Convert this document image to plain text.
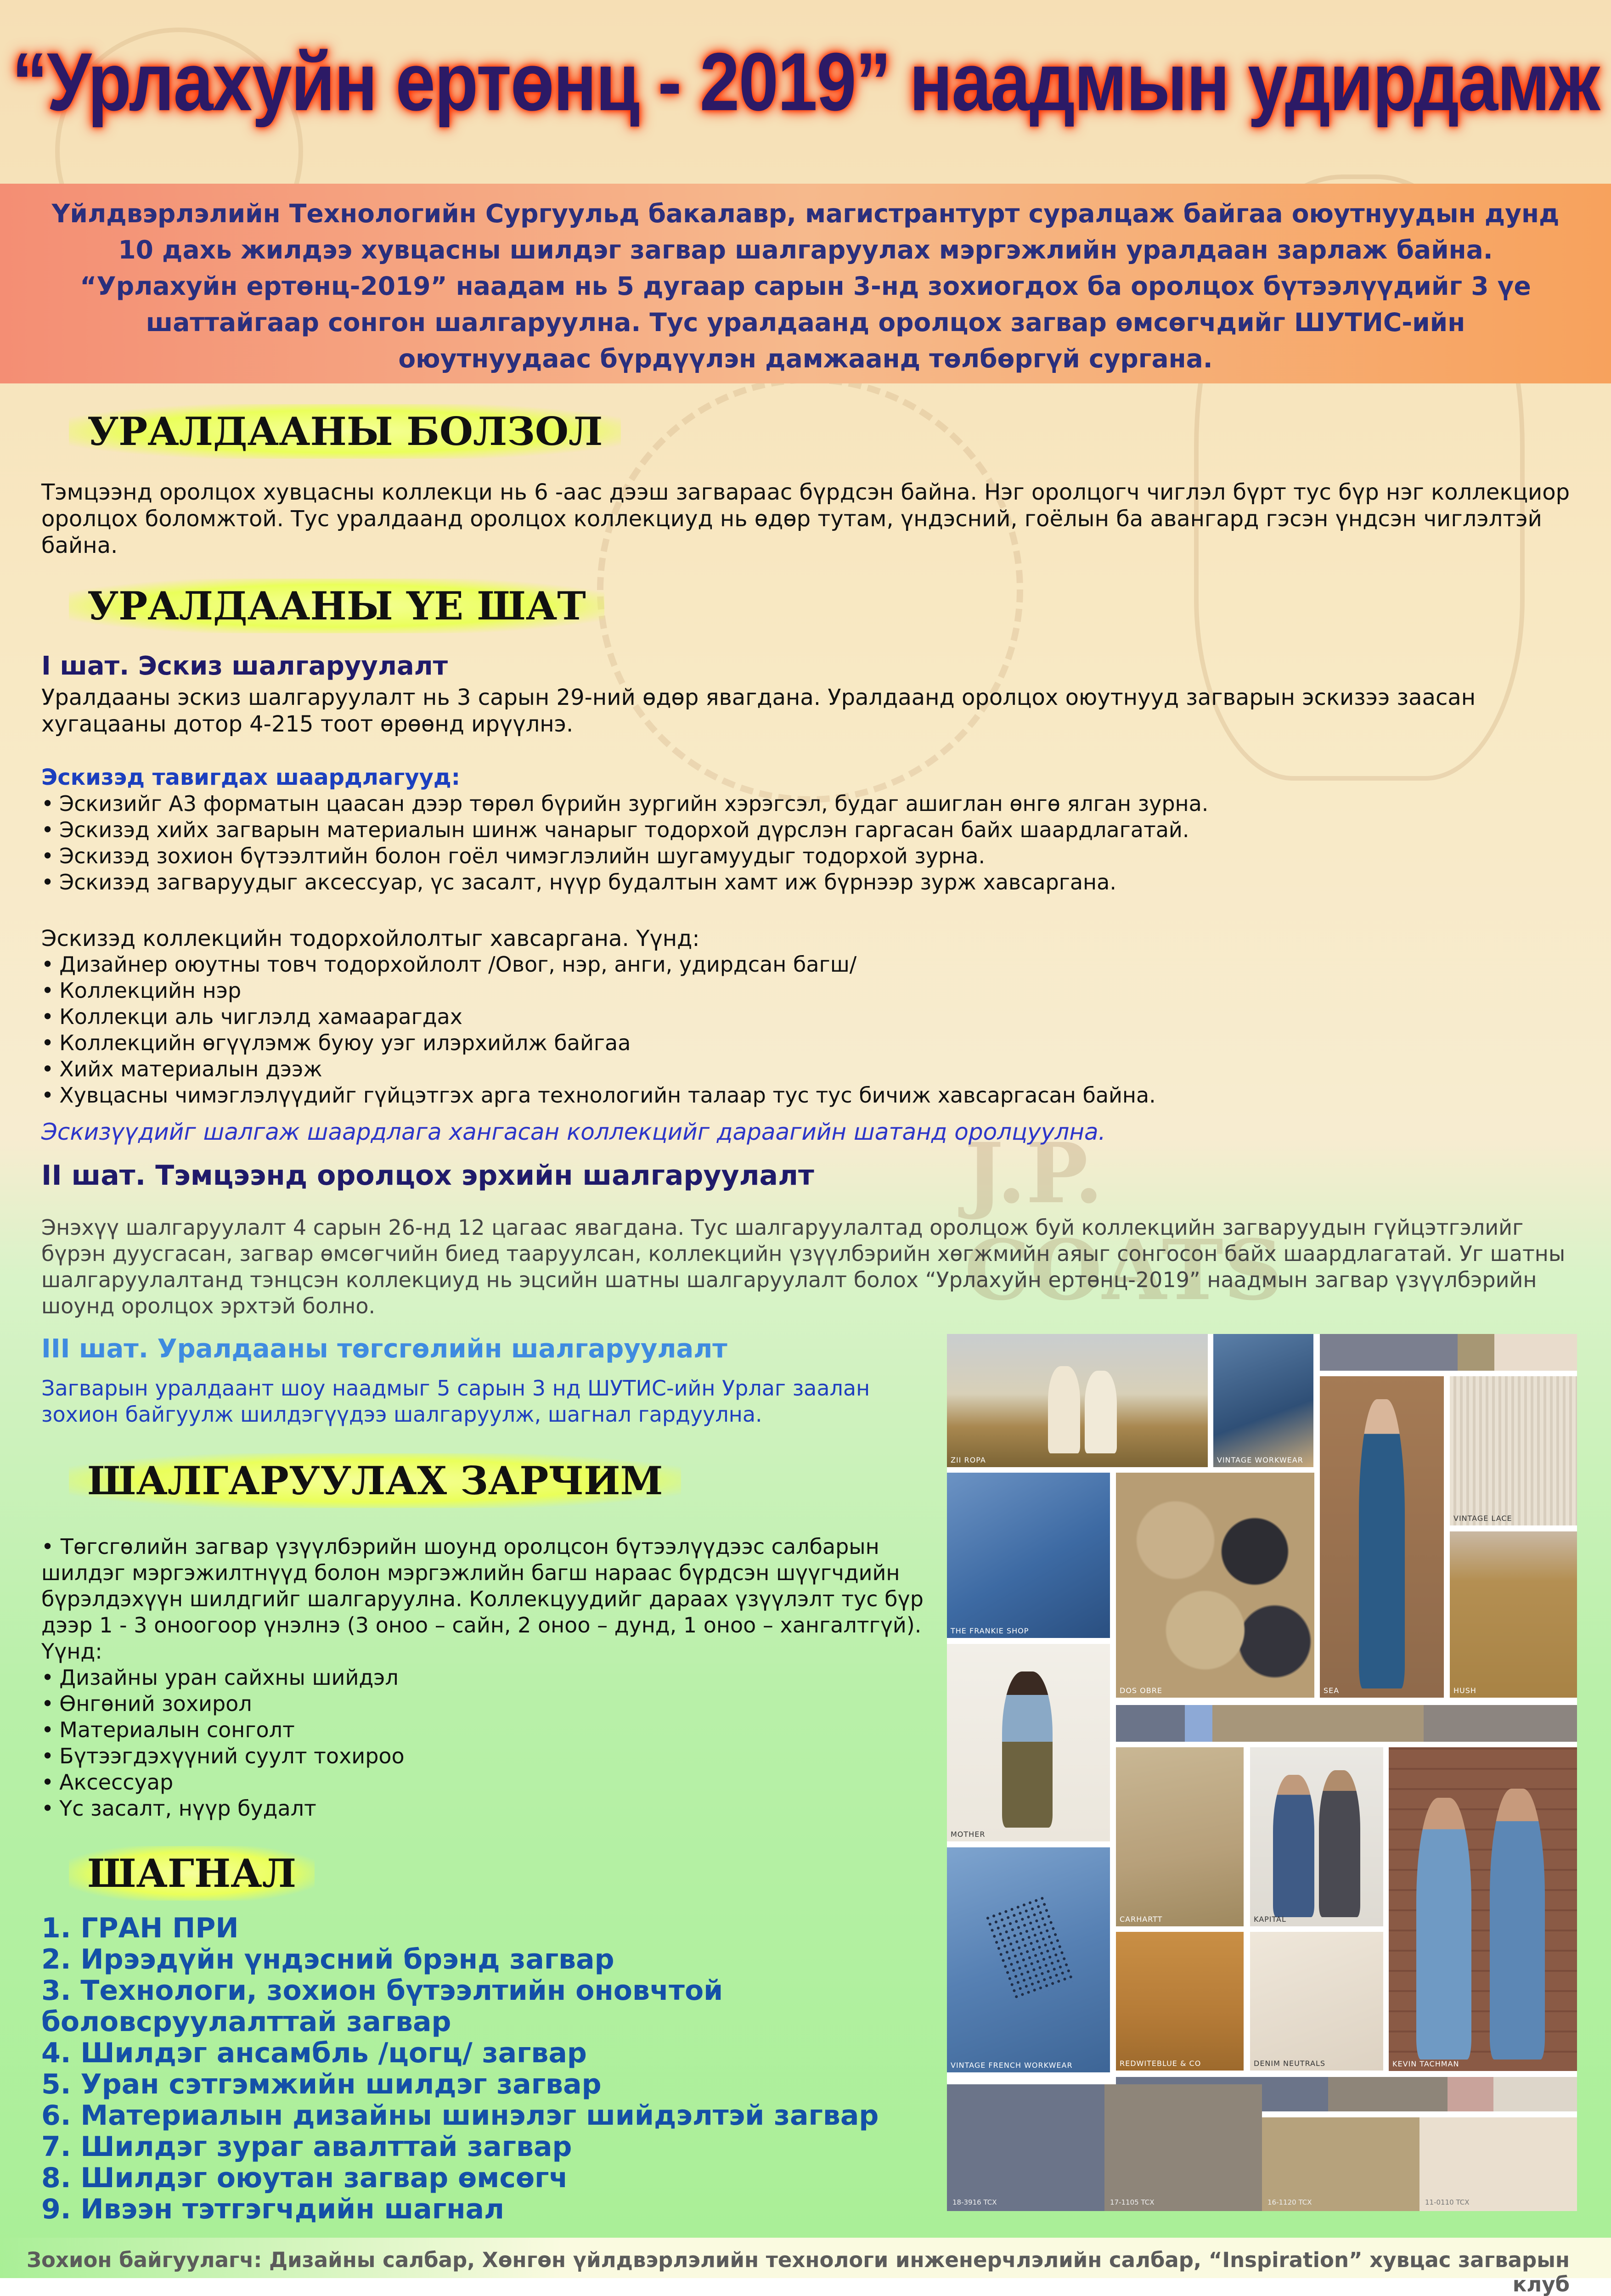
J.P. COATS
“Урлахуйн ертөнц - 2019” наадмын удирдамж

Үйлдвэрлэлийн Технологийн Сургуульд бакалавр, магистрантурт суралцаж байгаа оюутнуудын дунд 10 дахь жилдээ хувцасны шилдэг загвар шалгаруулах мэргэжлийн уралдаан зарлаж байна. “Урлахуйн ертөнц-2019” наадам нь 5 дугаар сарын 3-нд зохиогдох ба оролцох бүтээлүүдийг 3 үе шаттайгаар сонгон шалгаруулна. Тус уралдаанд оролцох загвар өмсөгчдийг ШУТИС-ийн оюутнуудаас бүрдүүлэн дамжаанд төлбөргүй сургана.

УРАЛДААНЫ БОЛЗОЛ
Тэмцээнд оролцох хувцасны коллекци нь 6 -аас дээш загвараас бүрдсэн байна. Нэг оролцогч чиглэл бүрт тус бүр нэг коллекциор оролцох боломжтой. Тус уралдаанд оролцох коллекциуд нь өдөр тутам, үндэсний, гоёлын ба авангард гэсэн үндсэн чиглэлтэй байна.
УРАЛДААНЫ ҮЕ ШАТ
I шат. Эскиз шалгаруулалт
Уралдааны эскиз шалгаруулалт нь 3 сарын 29-ний өдөр явагдана. Уралдаанд оролцох оюутнууд загварын эскизээ заасан хугацааны дотор 4-215 тоот өрөөнд ирүүлнэ.
Эскизэд тавигдах шаардлагууд:
• Эскизийг А3 форматын цаасан дээр төрөл бүрийн зургийн хэрэгсэл, будаг ашиглан өнгө ялган зурна.
• Эскизэд хийх загварын материалын шинж чанарыг тодорхой дүрслэн гаргасан байх шаардлагатай.
• Эскизэд зохион бүтээлтийн болон гоёл чимэглэлийн шугамуудыг тодорхой зурна.
• Эскизэд загваруудыг аксессуар, үс засалт, нүүр будалтын хамт иж бүрнээр зурж хавсаргана.
Эскизэд коллекцийн тодорхойлолтыг хавсаргана. Үүнд:
• Дизайнер оюутны товч тодорхойлолт /Овог, нэр, анги, удирдсан багш/
• Коллекцийн нэр
• Коллекци аль чиглэлд хамаарагдах
• Коллекцийн өгүүлэмж буюу уэг илэрхийлж байгаа
• Хийх материалын дээж
• Хувцасны чимэглэлүүдийг гүйцэтгэх арга технологийн талаар тус тус бичиж хавсаргасан байна.
Эскизүүдийг шалгаж шаардлага хангасан коллекцийг дараагийн шатанд оролцуулна.
II шат. Тэмцээнд оролцох эрхийн шалгаруулалт
Энэхүү шалгаруулалт 4 сарын 26-нд 12 цагаас явагдана. Тус шалгаруулалтад оролцож буй коллекцийн загваруудын гүйцэтгэлийг бүрэн дуусгасан, загвар өмсөгчийн биед тааруулсан, коллекцийн үзүүлбэрийн хөгжмийн аяыг сонгосон байх шаардлагатай. Уг шатны шалгаруулалтанд тэнцсэн коллекциуд нь эцсийн шатны шалгаруулалт болох “Урлахуйн ертөнц-2019” наадмын загвар үзүүлбэрийн шоунд оролцох эрхтэй болно.
III шат. Уралдааны төгсгөлийн шалгаруулалт
Загварын уралдаант шоу наадмыг 5 сарын 3 нд ШУТИС-ийн Урлаг заалан зохион байгуулж шилдэгүүдээ шалгаруулж, шагнал гардуулна.
ШАЛГАРУУЛАХ ЗАРЧИМ
• Төгсгөлийн загвар үзүүлбэрийн шоунд оролцсон бүтээлүүдээс салбарын шилдэг мэргэжилтнүүд болон мэргэжлийн багш нараас бүрдсэн шүүгчдийн бүрэлдэхүүн шилдгийг шалгаруулна. Коллекцуудийг дараах үзүүлэлт тус бүр дээр 1 - 3 оноогоор үнэлнэ (3 оноо – сайн, 2 оноо – дунд, 1 оноо – хангалтгүй). Үүнд:
• Дизайны уран сайхны шийдэл
• Өнгөний зохирол
• Материалын сонголт
• Бүтээгдэхүүний суулт тохироо
• Аксессуар
• Үс засалт, нүүр будалт
ШАГНАЛ
1. ГРАН ПРИ
2. Ирээдүйн үндэсний брэнд загвар
3. Технологи, зохион бүтээлтийн оновчтой боловсруулалттай загвар
4. Шилдэг ансамбль /цогц/ загвар
5. Уран сэтгэмжийн шилдэг загвар
6. Материалын дизайны шинэлэг шийдэлтэй загвар
7. Шилдэг зураг авалттай загвар
8. Шилдэг оюутан загвар өмсөгч
9. Ивээн тэтгэгчдийн шагнал
ZII ROPA	VINTAGE WORKWEAR
SEA
VINTAGE LACE
HUSH
THE FRANKIE SHOP
DOS OBRE
MOTHER
CARHARTT	KAPITAL
KEVIN TACHMAN
VINTAGE FRENCH WORKWEAR	REDWITEBLUE & CO	DENIM NEUTRALS
18-3916 TCX	17-1105 TCX	16-1120 TCX	11-0110 TCX
Зохион байгуулагч: Дизайны салбар, Хөнгөн үйлдвэрлэлийн технологи инженерчлэлийн салбар, “Inspiration” хувцас загварын клуб
